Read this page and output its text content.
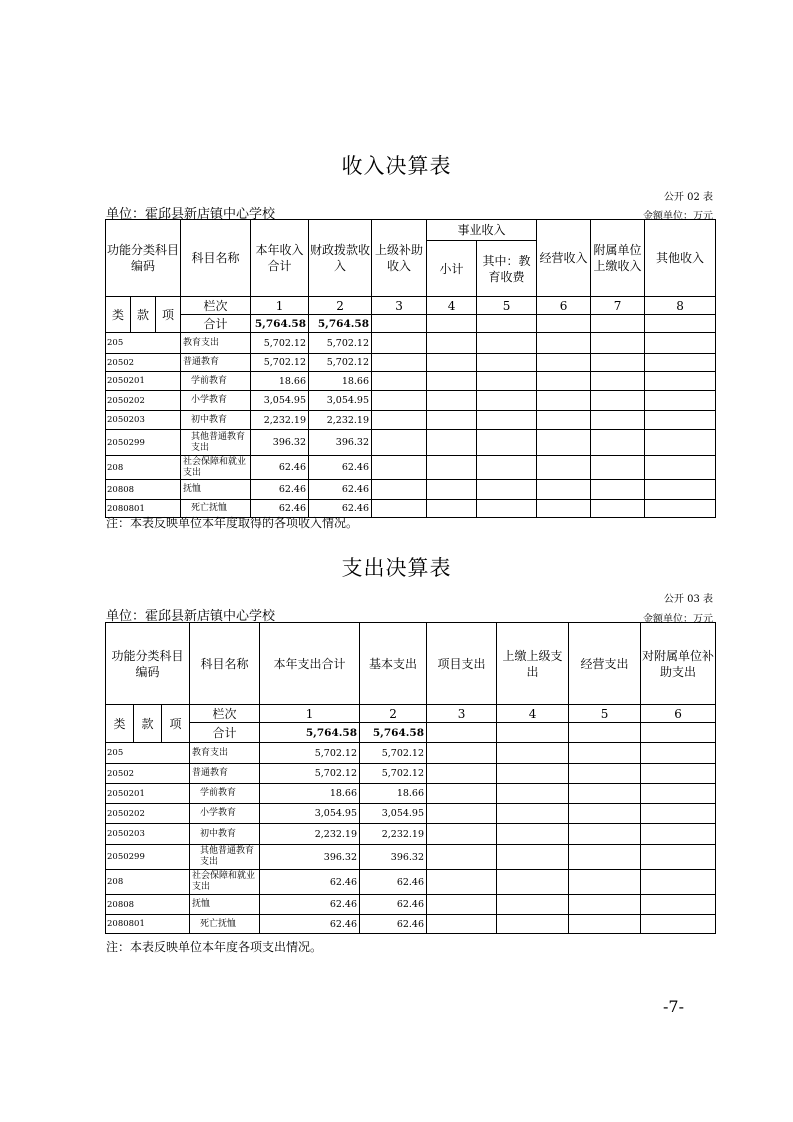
收入决算表
公开 02 表
单位：霍邱县新店镇中心学校	金额单位：万元
功能分类科目编码			科目名称	本年收入合计	财政拨款收入	上级补助收入	事业收入		经营收入	附属单位上缴收入	其他收入
							小计	其中：教育收费			
类	款	项	栏次	1	2	3	4	5	6	7	8
			合计	5,764.58	5,764.58						
205			教育支出	5,702.12	5,702.12						
20502			普通教育	5,702.12	5,702.12						
2050201			学前教育	18.66	18.66						
2050202			小学教育	3,054.95	3,054.95						
2050203			初中教育	2,232.19	2,232.19						
2050299			其他普通教育支出	396.32	396.32						
208			社会保障和就业支出	62.46	62.46						
20808			抚恤	62.46	62.46						
2080801			死亡抚恤	62.46	62.46						
注：本表反映单位本年度取得的各项收入情况。
支出决算表
公开 03 表
单位：霍邱县新店镇中心学校	金额单位：万元
功能分类科目编码			科目名称	本年支出合计	基本支出	项目支出	上缴上级支出	经营支出	对附属单位补助支出
类	款	项	栏次	1	2	3	4	5	6
			合计	5,764.58	5,764.58				
205			教育支出	5,702.12	5,702.12				
20502			普通教育	5,702.12	5,702.12				
2050201			学前教育	18.66	18.66				
2050202			小学教育	3,054.95	3,054.95				
2050203			初中教育	2,232.19	2,232.19				
2050299			其他普通教育支出	396.32	396.32				
208			社会保障和就业支出	62.46	62.46				
20808			抚恤	62.46	62.46				
2080801			死亡抚恤	62.46	62.46				
注：本表反映单位本年度各项支出情况。
-7-
